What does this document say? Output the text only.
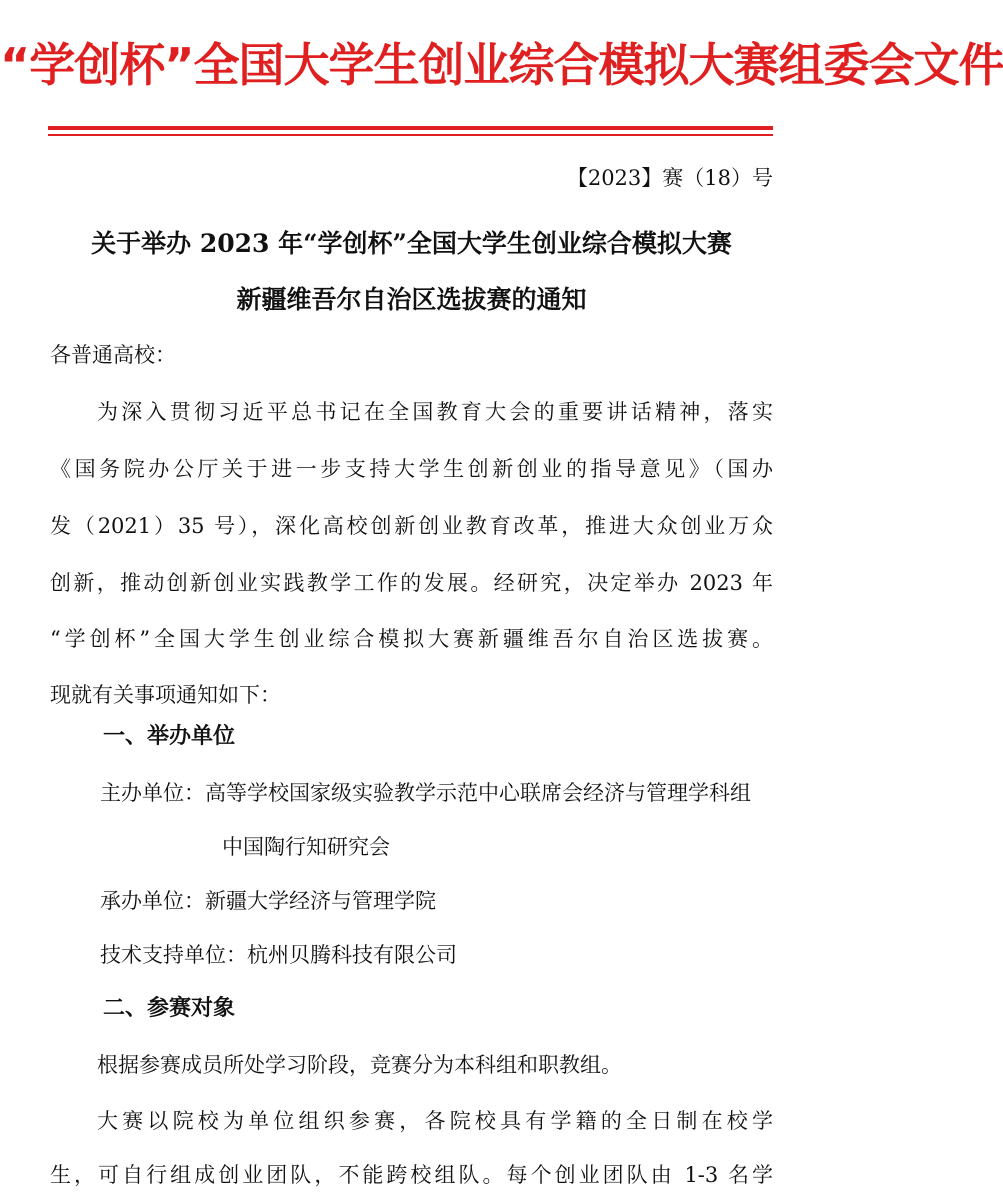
“学创杯”全国大学生创业综合模拟大赛组委会文件
【2023】赛（18）号
关于举办 2023 年“学创杯”全国大学生创业综合模拟大赛
新疆维吾尔自治区选拔赛的通知
各普通高校：
为深入贯彻习近平总书记在全国教育大会的重要讲话精神，落实
《国务院办公厅关于进一步支持大学生创新创业的指导意见》（国办
发（2021）35 号），深化高校创新创业教育改革，推进大众创业万众
创新，推动创新创业实践教学工作的发展。经研究，决定举办 2023 年
“学创杯”全国大学生创业综合模拟大赛新疆维吾尔自治区选拔赛。
现就有关事项通知如下：
一、举办单位
主办单位：高等学校国家级实验教学示范中心联席会经济与管理学科组
中国陶行知研究会
承办单位：新疆大学经济与管理学院
技术支持单位：杭州贝腾科技有限公司
二、参赛对象
根据参赛成员所处学习阶段，竞赛分为本科组和职教组。
大赛以院校为单位组织参赛，各院校具有学籍的全日制在校学
生，可自行组成创业团队，不能跨校组队。每个创业团队由 1-3 名学
